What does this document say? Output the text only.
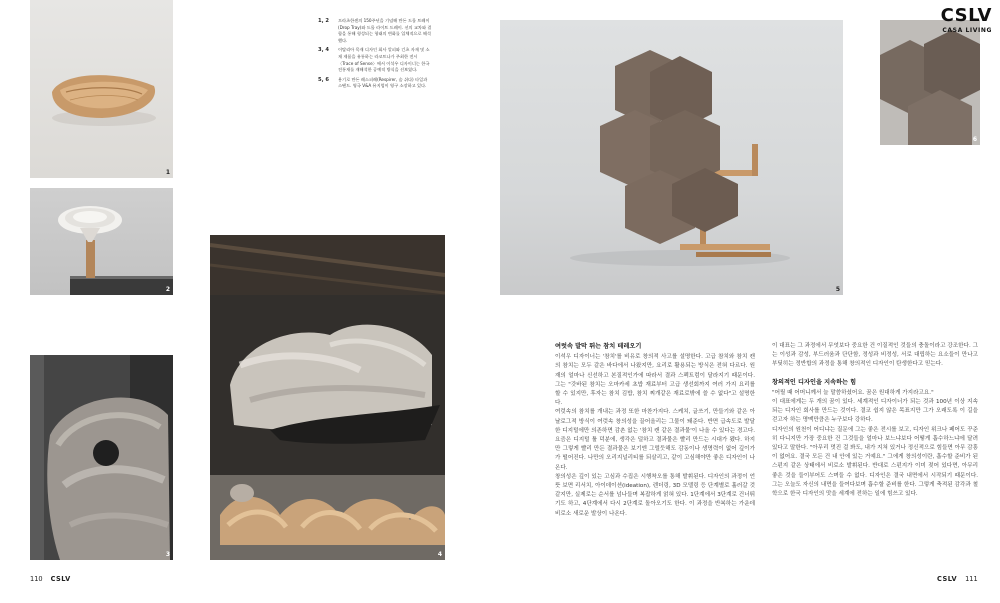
1
2
3	4
5
6
CSLV
CASA LIVING
1, 2	프라츠한센의 150주년을 기념해 만든 드롭 트레이(Drop Tray)와 드롭 라이트 드레이. 선의 교차와 결합을 통해 형성되는 형태의 변화를 입체적으로 해석했다.
3, 4	이탈리아 목재 디자인 회사 알피와 긴츠 자재 및 소재 제품을 유통하는 라코트나가 주최한 전시 〈Trace of Sense〉에서 이석우 디자이너는 한국 전통재를 재해석한 공예적 방식을 선보였다.
5, 6	용기로 만든 레스피레(Respirer, 숨 쉬다) 타일과 스탠드. 영국 V&A 뮤지엄이 영구 소장하고 있다.
여럿속 발막 뛰는 참치 테레오기

이석우 디자이너는 '참치'를 비유로 창의적 사고를 설명한다. 고급 참치와 참치 캔의 참치는 모두 같은 바다에서 나왔지만, 요리로 활용되는 방식은 전혀 다르다. 원재의 얼마나 신선하고 본질적인가에 따라서 결과 스펙트럼이 달라지기 때문이다. 그는 "갓바된 참치는 오마카세 초밥 재료부터 고급 생선회까지 여러 가지 요리를 할 수 있지만, 후자는 참치 김밥, 참치 찌개같은 재료로밖에 쓸 수 없다"고 설명한다.

여럿속의 참치를 개내는 과정 또한 마찬가지다. 스케치, 글쓰기, 만들기와 같은 아날로그적 방식이 여럿속 창의성을 끌어올리는 그물이 돼준다. 반면 급속도로 발달한 디지털에만 의존하면 감촌 없는 '참치 캔 같은 결과물'이 나올 수 있다는 경고다. 요즘은 디지털 툴 덕분에, 생각은 덜하고 결과물은 빨리 만드는 시대가 됐다. 하지만 그렇게 빨리 만든 결과물은 보기엔 그럴듯해도 감동이나 생명력이 없어 깊이가가 떨어진다. 나만의 오리지널리티를 되살리고, 같이 고심해야만 좋은 디자인이 나온다.

창의성은 깊이 있는 고심과 수집은 시행착오를 통해 발휘된다. 디자인의 과정이 언뜻 보면 리서치, 아이데이션(ideation), 렌더링, 3D 모델링 등 단계별로 흘러갈 것 같지만, 실제로는 순서를 넘나들며 복잡하게 얽혀 있다. 1단계에서 3단계로 건너뛰기도 하고, 4단계에서 다시 2단계로 돌아오기도 한다. 이 과정을 반복하는 가운데 비로소 새로운 발상이 나온다.

이 대표는 그 과정에서 무엇보다 중요한 건 이질적인 것들의 충돌이라고 강조한다. 그는 이성과 감성, 부드러움과 단단함, 정성과 비정성, 서로 대립하는 요소들이 만나고 부딪히는 정반합의 과정을 통해 창의적인 디자인이 탄생한다고 믿는다.

창의적인 디자인을 지속하는 힘

"어릴 때 어머니께서 늘 말씀하셨어요. 꿈은 원대하게 가지라고요."

이 대표에게는 두 개의 꿈이 있다. 세계적인 디자이너가 되는 것과 100년 이상 지속되는 디자인 회사를 만드는 것이다. 결코 쉽지 않은 목표지만 그가 오래도록 이 길을 걷고자 하는 명맥만큼은 누구보다 강하다.

디자인의 원천이 어디냐는 질문에 그는 좋은 전시를 보고, 디자인 위크나 페어도 꾸준히 다니지만 가장 중요한 건 그것들을 얼마나 보느냐보다 어떻게 흡수하느냐에 달려 있다고 말한다. "아무리 멋진 걸 봐도, 내가 지쳐 있거나 정신적으로 힘들면 아무 감흥이 없어요. 결국 모든 건 내 안에 있는 거예요." 그에게 창의성이란, 흡수할 준비가 된 스펀지 같은 상태에서 비로소 발휘된다. 반대로 스펀지가 이미 젖어 있다면, 아무리 좋은 것을 들이부어도 스며들 수 없다. 디자인은 결국 내면에서 시작되기 때문이다. 그는 오늘도 자신의 내면을 들여다보며 흡수할 준비를 한다. 그렇게 축적된 감각과 철학으로 한국 디자인의 맛을 세계에 전하는 일에 힘쓰고 있다.

110 CSLV	CSLV 111
